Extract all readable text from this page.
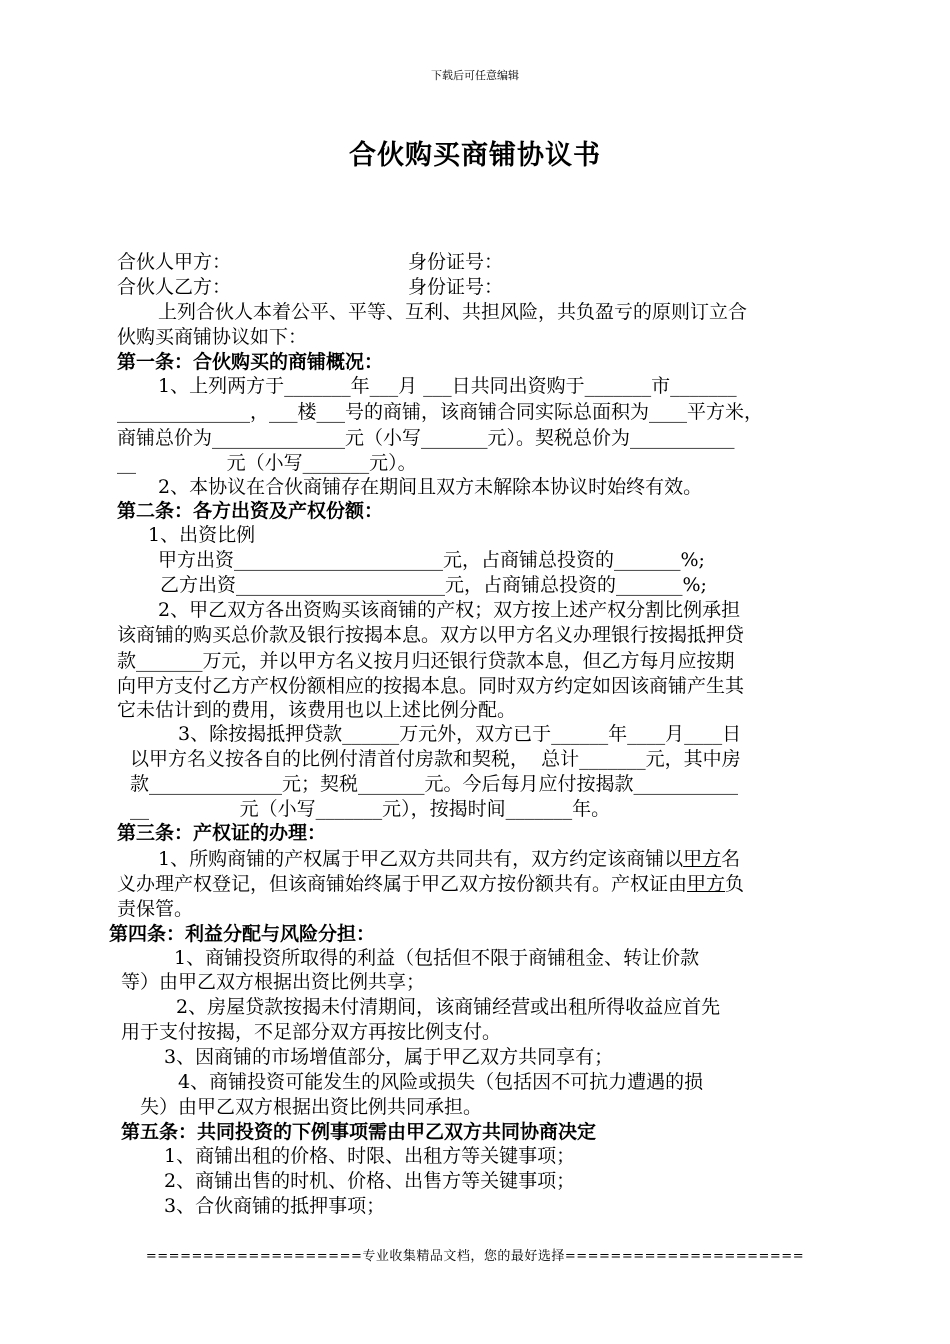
下载后可任意编辑
合伙购买商铺协议书
合伙人甲方：	身份证号：
合伙人乙方：	身份证号：
上列合伙人本着公平、平等、互利、共担风险，共负盈亏的原则订立合
伙购买商铺协议如下：
第一条：合伙购买的商铺概况：
1、上列两方于_______年___月 ___日共同出资购于_______市_______
______________，___楼___号的商铺，该商铺合同实际总面积为____平方米，
商铺总价为______________元（小写_______元）。契税总价为___________
__               元（小写_______元）。
2、本协议在合伙商铺存在期间且双方未解除本协议时始终有效。
第二条：各方出资及产权份额：
1、出资比例
甲方出资______________________元，占商铺总投资的_______%;
乙方出资______________________元，占商铺总投资的_______%;
2、甲乙双方各出资购买该商铺的产权；双方按上述产权分割比例承担
该商铺的购买总价款及银行按揭本息。双方以甲方名义办理银行按揭抵押贷
款_______万元，并以甲方名义按月归还银行贷款本息，但乙方每月应按期
向甲方支付乙方产权份额相应的按揭本息。同时双方约定如因该商铺产生其
它未估计到的费用，该费用也以上述比例分配。
3、除按揭抵押贷款______万元外，双方已于______年____月____日
以甲方名义按各自的比例付清首付房款和契税，  总计_______元，其中房
款______________元；契税_______元。今后每月应付按揭款___________
__               元（小写_______元），按揭时间_______年。
第三条：产权证的办理：
1、所购商铺的产权属于甲乙双方共同共有，双方约定该商铺以甲方名
义办理产权登记，但该商铺始终属于甲乙双方按份额共有。产权证由甲方负
责保管。
第四条：利益分配与风险分担：
1、商铺投资所取得的利益（包括但不限于商铺租金、转让价款
等）由甲乙双方根据出资比例共享；
2、房屋贷款按揭未付清期间，该商铺经营或出租所得收益应首先
用于支付按揭，不足部分双方再按比例支付。
3、因商铺的市场增值部分，属于甲乙双方共同享有；
4、商铺投资可能发生的风险或损失（包括因不可抗力遭遇的损
失）由甲乙双方根据出资比例共同承担。
第五条：共同投资的下例事项需由甲乙双方共同协商决定
1、商铺出租的价格、时限、出租方等关键事项；
2、商铺出售的时机、价格、出售方等关键事项；
3、合伙商铺的抵押事项；
===================专业收集精品文档，您的最好选择=====================
